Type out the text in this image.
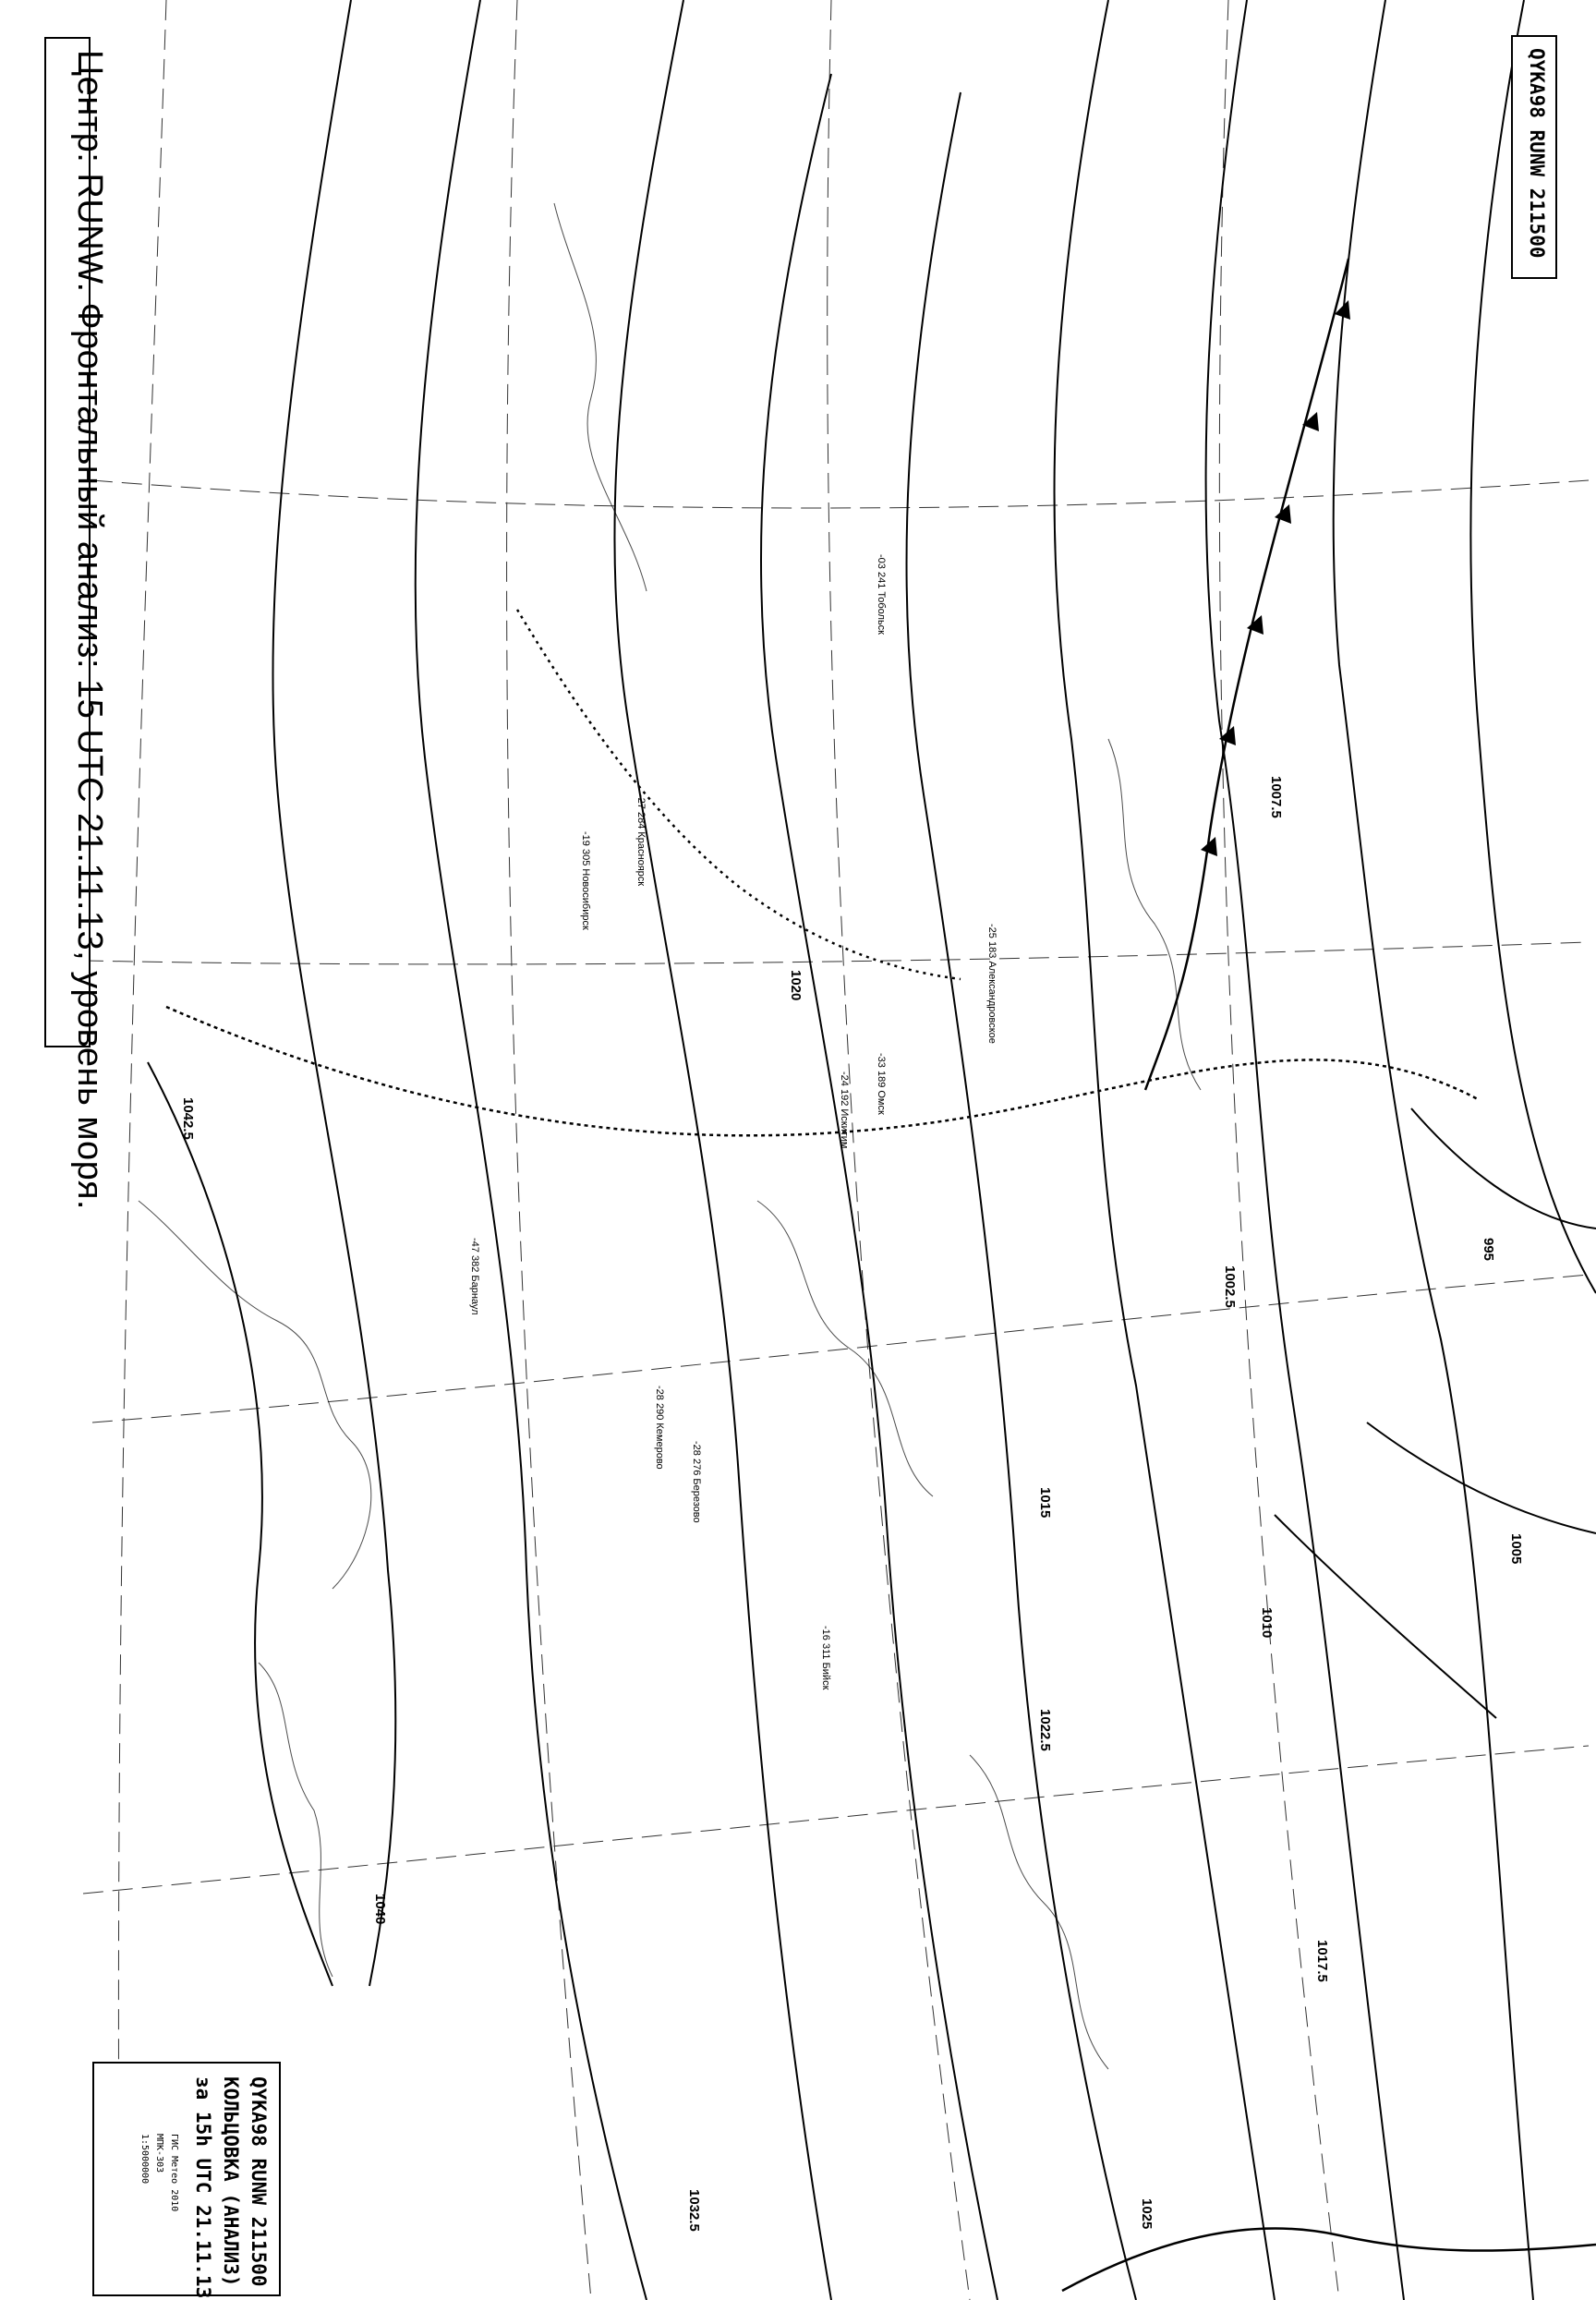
1042.5
1040
1032.5	1025
1022.5
1020
1017.5
1015
1010
1007.5
1005
1002.5
995
-33 189 Омск
-47 382 Барнаул
-19 305 Новосибирск
-28 290 Кемерово
-27 284 Красноярск
-25 183 Александровское
-03 241 Тобольск
-24 192 Искитим
-28 276 Березово
-16 311 Бийск
Центр: RUNW. Фронтальный анализ: 15 UTC 21.11.13, уровень моря.	QYKA98 RUNW 211500
QYKA98 RUNW 211500
КОЛЬЦОВКА (АНАЛИЗ)
за 15h UTC 21.11.13
ГИС Метео 2010
МПК-303
1:5000000
